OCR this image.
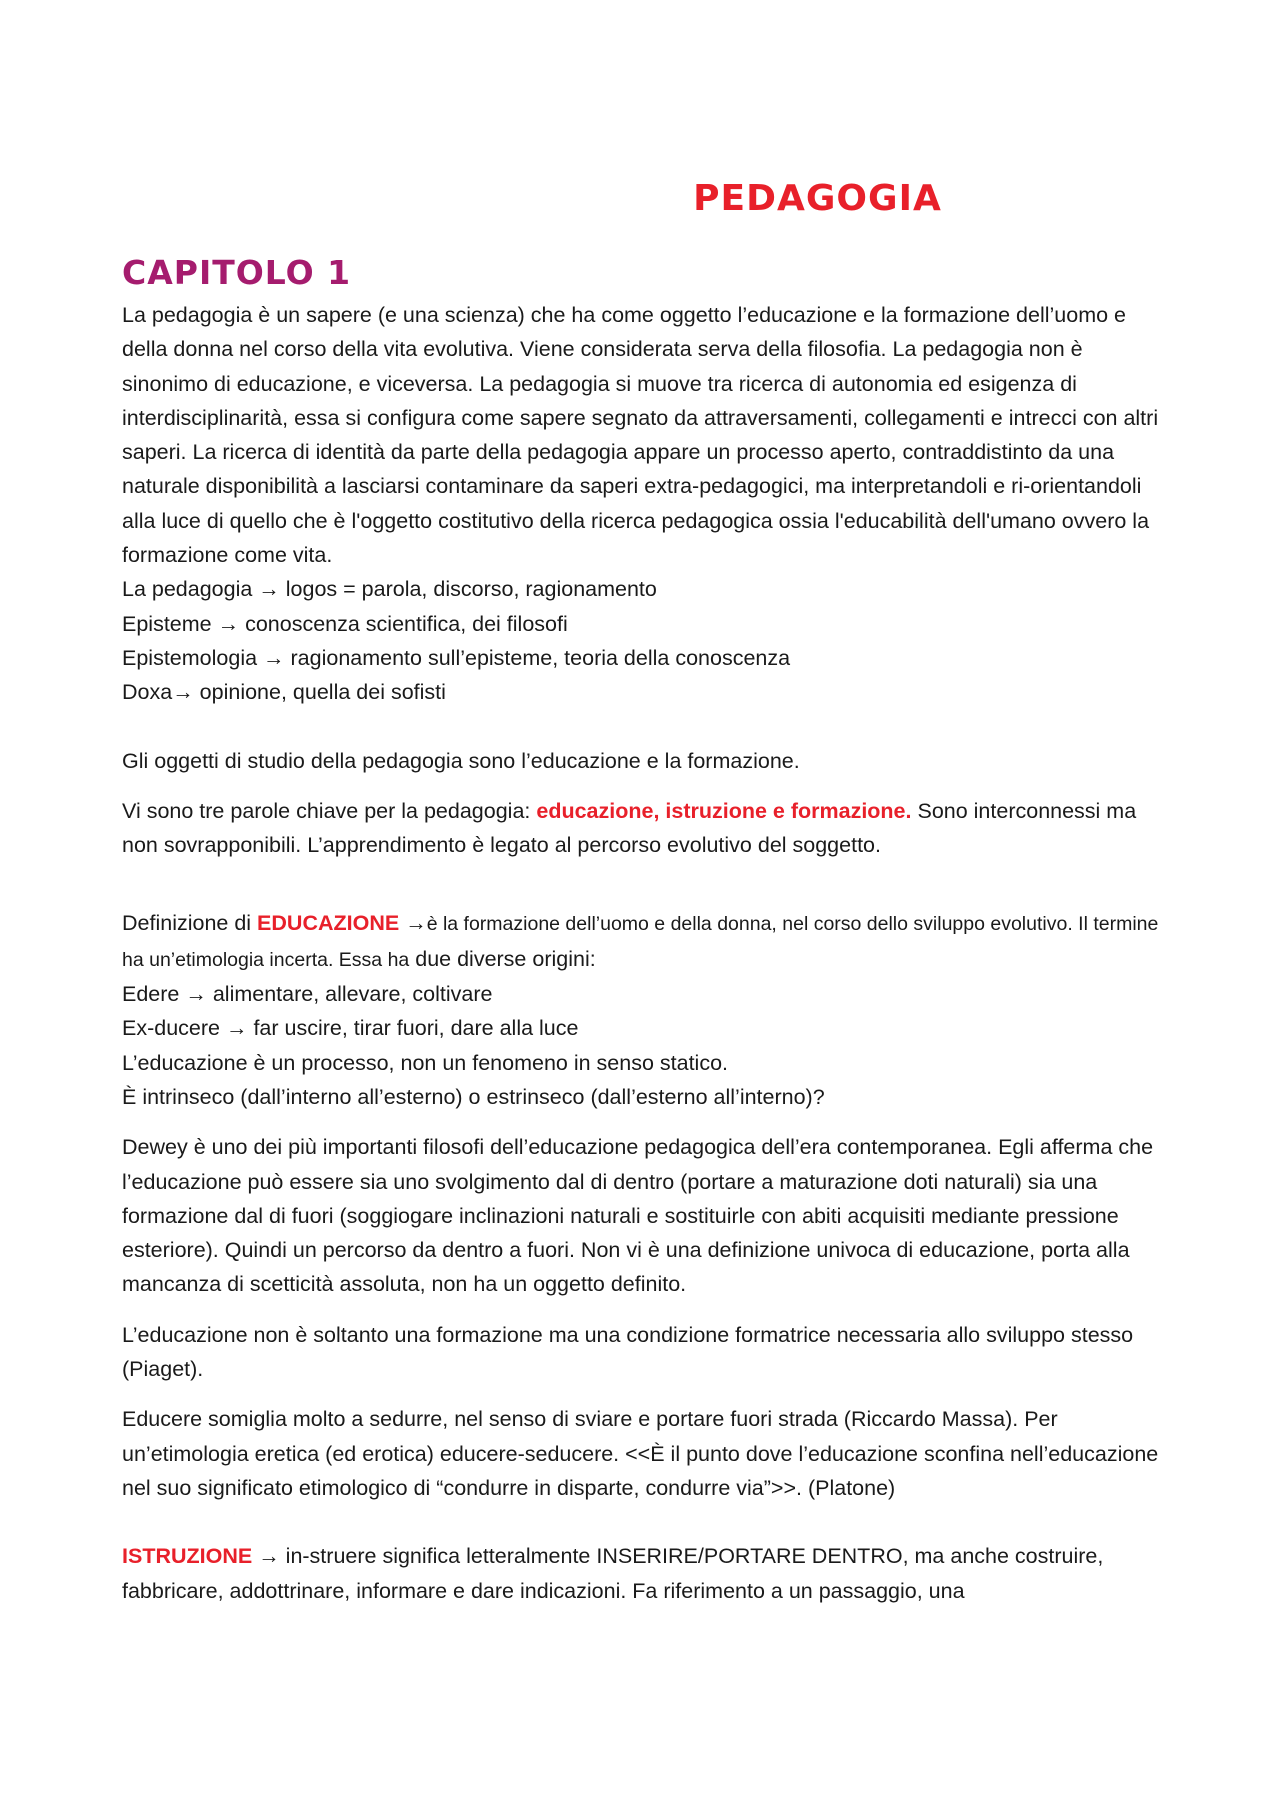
PEDAGOGIA
CAPITOLO 1

La pedagogia è un sapere (e una scienza) che ha come oggetto l’educazione e la formazione dell’uomo e della donna nel corso della vita evolutiva. Viene considerata serva della filosofia. La pedagogia non è sinonimo di educazione, e viceversa. La pedagogia si muove tra ricerca di autonomia ed esigenza di interdisciplinarità, essa si configura come sapere segnato da attraversamenti, collegamenti e intrecci con altri saperi. La ricerca di identità da parte della pedagogia appare un processo aperto, contraddistinto da una naturale disponibilità a lasciarsi contaminare da saperi extra-pedagogici, ma interpretandoli e ri-orientandoli alla luce di quello che è l'oggetto costitutivo della ricerca pedagogica ossia l'educabilità dell'umano ovvero la formazione come vita.

La pedagogia → logos = parola, discorso, ragionamento

Episteme → conoscenza scientifica, dei filosofi

Epistemologia → ragionamento sull’episteme, teoria della conoscenza

Doxa→ opinione, quella dei sofisti

Gli oggetti di studio della pedagogia sono l’educazione e la formazione.

Vi sono tre parole chiave per la pedagogia: educazione, istruzione e formazione. Sono interconnessi ma non sovrapponibili. L’apprendimento è legato al percorso evolutivo del soggetto.

Definizione di EDUCAZIONE →è la formazione dell’uomo e della donna, nel corso dello sviluppo evolutivo. Il termine ha un’etimologia incerta. Essa ha due diverse origini:

Edere → alimentare, allevare, coltivare

Ex-ducere → far uscire, tirar fuori, dare alla luce

L’educazione è un processo, non un fenomeno in senso statico.

È intrinseco (dall’interno all’esterno) o estrinseco (dall’esterno all’interno)?

Dewey è uno dei più importanti filosofi dell’educazione pedagogica dell’era contemporanea. Egli afferma che l’educazione può essere sia uno svolgimento dal di dentro (portare a maturazione doti naturali) sia una formazione dal di fuori (soggiogare inclinazioni naturali e sostituirle con abiti acquisiti mediante pressione esteriore). Quindi un percorso da dentro a fuori. Non vi è una definizione univoca di educazione, porta alla mancanza di scetticità assoluta, non ha un oggetto definito.

L’educazione non è soltanto una formazione ma una condizione formatrice necessaria allo sviluppo stesso (Piaget).

Educere somiglia molto a sedurre, nel senso di sviare e portare fuori strada (Riccardo Massa). Per un’etimologia eretica (ed erotica) educere-seducere. <<È il punto dove l’educazione sconfina nell’educazione nel suo significato etimologico di “condurre in disparte, condurre via”>>. (Platone)

ISTRUZIONE → in-struere significa letteralmente INSERIRE/PORTARE DENTRO, ma anche costruire, fabbricare, addottrinare, informare e dare indicazioni. Fa riferimento a un passaggio, una
